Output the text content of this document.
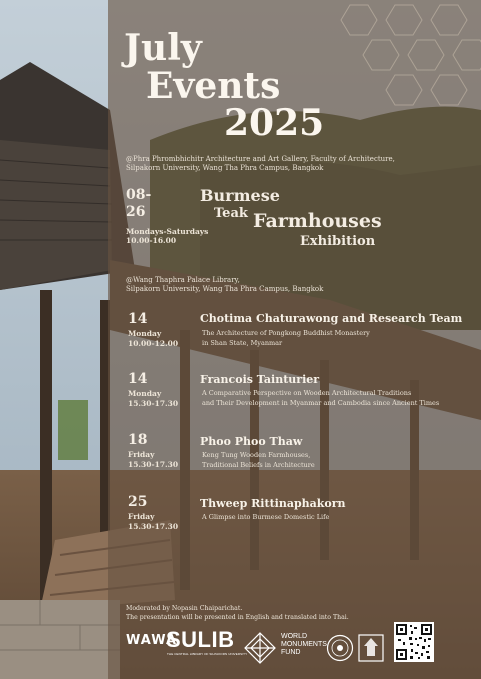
July
Events
2025
@Phra Phrombhichitr Architecture and Art Gallery, Faculty of Architecture,
Silpakorn University, Wang Tha Phra Campus, Bangkok
08-
26
Mondays-Saturdays
10.00-16.00
Burmese
Teak Farmhouses
Exhibition
@Wang Thaphra Palace Library,
Silpakorn University, Wang Tha Phra Campus, Bangkok
14
Monday
10.00-12.00
Chotima Chaturawong and Research Team
The Architecture of Pongkong Buddhist Monastery
in Shan State, Myanmar
14
Monday
15.30-17.30
Francois Tainturier
A Comparative Perspective on Wooden Architectural Traditions
and Their Development in Myanmar and Cambodia since Ancient Times
18
Friday
15.30-17.30
Phoo Phoo Thaw
Keng Tung Wooden Farmhouses,
Traditional Beliefs in Architecture
25
Friday
15.30-17.30
Thweep Rittinaphakorn
A Glimpse into Burmese Domestic Life
Moderated by Nopasin Chaiparichat.
The presentation will be presented in English and translated into Thai.
WAWA
SULIB
THE CENTRAL LIBRARY OF SILPAKORN UNIVERSITY
WORLD
MONUMENTS
FUND
